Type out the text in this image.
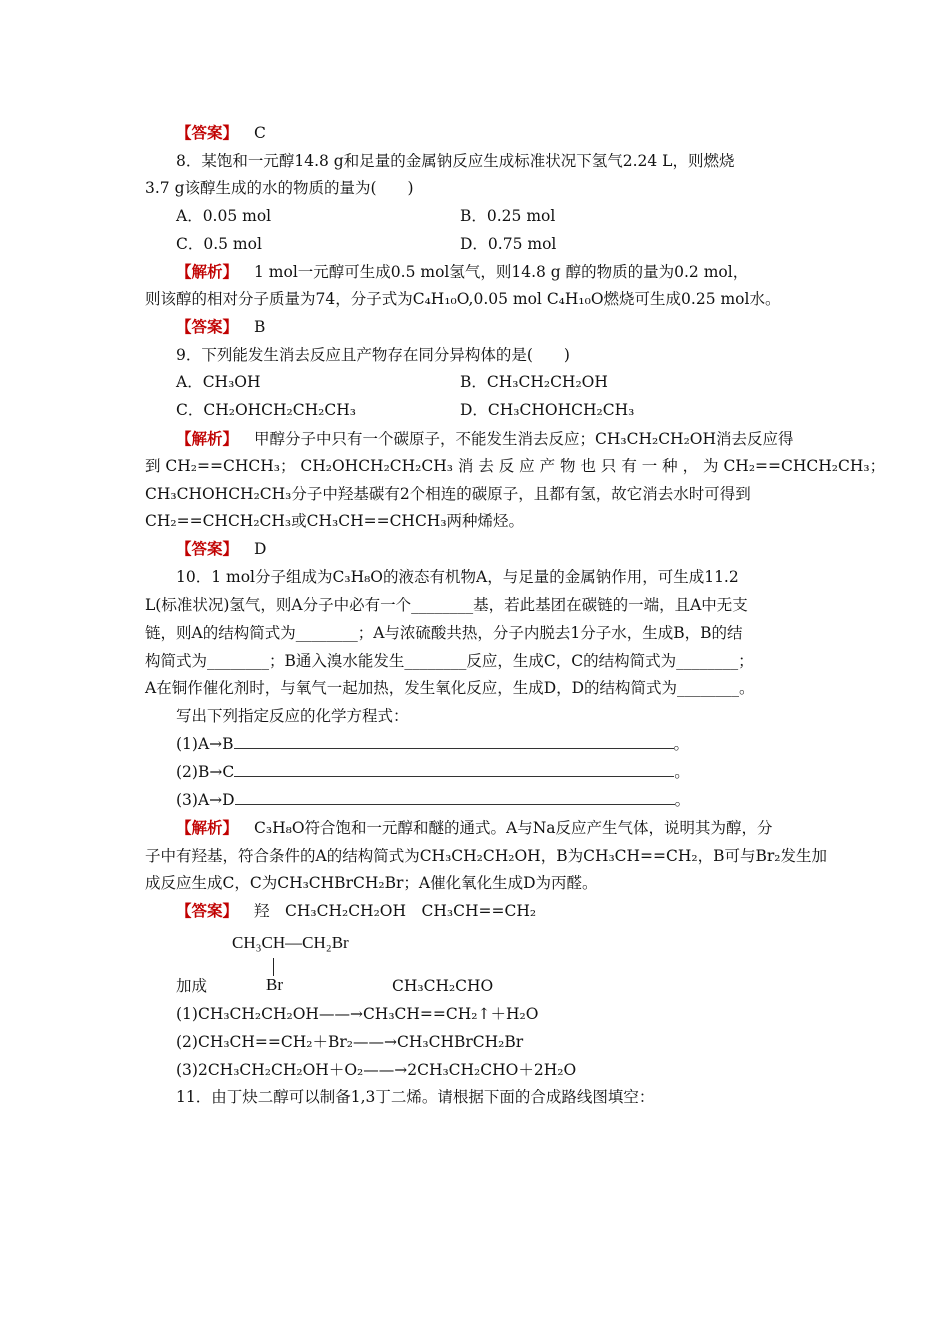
【答案】 C
8．某饱和一元醇14.8 g和足量的金属钠反应生成标准状况下氢气2.24 L，则燃烧
3.7 g该醇生成的水的物质的量为(　　)
A．0.05 mol	B．0.25 mol
C．0.5 mol	D．0.75 mol
【解析】 1 mol一元醇可生成0.5 mol氢气，则14.8 g 醇的物质的量为0.2 mol，
则该醇的相对分子质量为74，分子式为C₄H₁₀O,0.05 mol C₄H₁₀O燃烧可生成0.25 mol水。
【答案】 B
9．下列能发生消去反应且产物存在同分异构体的是(　　)
A．CH₃OH	B．CH₃CH₂CH₂OH
C．CH₂OHCH₂CH₂CH₃	D．CH₃CHOHCH₂CH₃
【解析】 甲醇分子中只有一个碳原子，不能发生消去反应；CH₃CH₂CH₂OH消去反应得
到 CH₂==CHCH₃； CH₂OHCH₂CH₂CH₃ 消 去 反 应 产 物 也 只 有 一 种 ， 为 CH₂==CHCH₂CH₃；
CH₃CHOHCH₂CH₃分子中羟基碳有2个相连的碳原子，且都有氢，故它消去水时可得到
CH₂==CHCH₂CH₃或CH₃CH==CHCH₃两种烯烃。
【答案】 D
10．1 mol分子组成为C₃H₈O的液态有机物A，与足量的金属钠作用，可生成11.2
L(标准状况)氢气，则A分子中必有一个________基，若此基团在碳链的一端，且A中无支
链，则A的结构简式为________；A与浓硫酸共热，分子内脱去1分子水，生成B，B的结
构简式为________；B通入溴水能发生________反应，生成C，C的结构简式为________；
A在铜作催化剂时，与氧气一起加热，发生氧化反应，生成D，D的结构简式为________。
写出下列指定反应的化学方程式：
(1)A→B	。
(2)B→C	。
(3)A→D	。
【解析】 C₃H₈O符合饱和一元醇和醚的通式。A与Na反应产生气体，说明其为醇，分
子中有羟基，符合条件的A的结构简式为CH₃CH₂CH₂OH，B为CH₃CH==CH₂，B可与Br₂发生加
成反应生成C，C为CH₃CHBrCH₂Br；A催化氧化生成D为丙醛。
【答案】 羟　CH₃CH₂CH₂OH　CH₃CH==CH₂
CH₃CH—CH₂Br
Br
加成	CH₃CH₂CHO
(1)CH₃CH₂CH₂OH——→CH₃CH==CH₂↑＋H₂O
(2)CH₃CH==CH₂＋Br₂——→CH₃CHBrCH₂Br
(3)2CH₃CH₂CH₂OH＋O₂——→2CH₃CH₂CHO＋2H₂O
11．由丁炔二醇可以制备1,3丁二烯。请根据下面的合成路线图填空：
